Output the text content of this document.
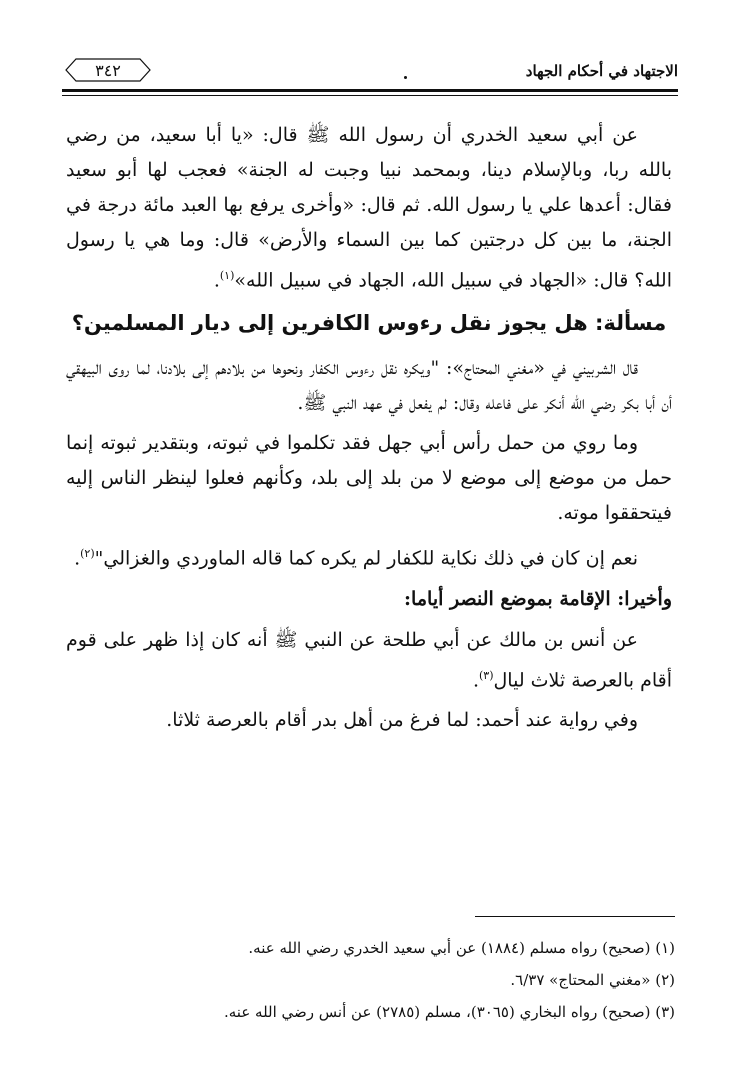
الاجتهاد في أحكام الجهاد
٣٤٢

عن أبي سعيد الخدري أن رسول الله ﷺ قال: «يا أبا سعيد، من رضي بالله ربا، وبالإسلام دينا، وبمحمد نبيا وجبت له الجنة» فعجب لها أبو سعيد فقال: أعدها علي يا رسول الله. ثم قال: «وأخرى يرفع بها العبد مائة درجة في الجنة، ما بين كل درجتين كما بين السماء والأرض» قال: وما هي يا رسول الله؟ قال: «الجهاد في سبيل الله، الجهاد في سبيل الله»$^{(١)}$.

مسألة: هل يجوز نقل رءوس الكافرين إلى ديار المسلمين؟

قال الشربيني في «مغني المحتاج»: "ويكره نقل رءوس الكفار ونحوها من بلادهم إلى بلادنا، لما روى البيهقي أن أبا بكر رضي الله أنكر على فاعله وقال: لم يفعل في عهد النبي ﷺ.

وما روي من حمل رأس أبي جهل فقد تكلموا في ثبوته، وبتقدير ثبوته إنما حمل من موضع إلى موضع لا من بلد إلى بلد، وكأنهم فعلوا لينظر الناس إليه فيتحققوا موته.

نعم إن كان في ذلك نكاية للكفار لم يكره كما قاله الماوردي والغزالي"$^{(٢)}$.

وأخيرا: الإقامة بموضع النصر أياما:

عن أنس بن مالك عن أبي طلحة عن النبي ﷺ أنه كان إذا ظهر على قوم أقام بالعرصة ثلاث ليال$^{(٣)}$.

وفي رواية عند أحمد: لما فرغ من أهل بدر أقام بالعرصة ثلاثا.

(١) (صحيح) رواه مسلم (١٨٨٤) عن أبي سعيد الخدري رضي الله عنه.

(٢) «مغني المحتاج» ٦/٣٧.

(٣) (صحيح) رواه البخاري (٣٠٦٥)، مسلم (٢٧٨٥) عن أنس رضي الله عنه.
